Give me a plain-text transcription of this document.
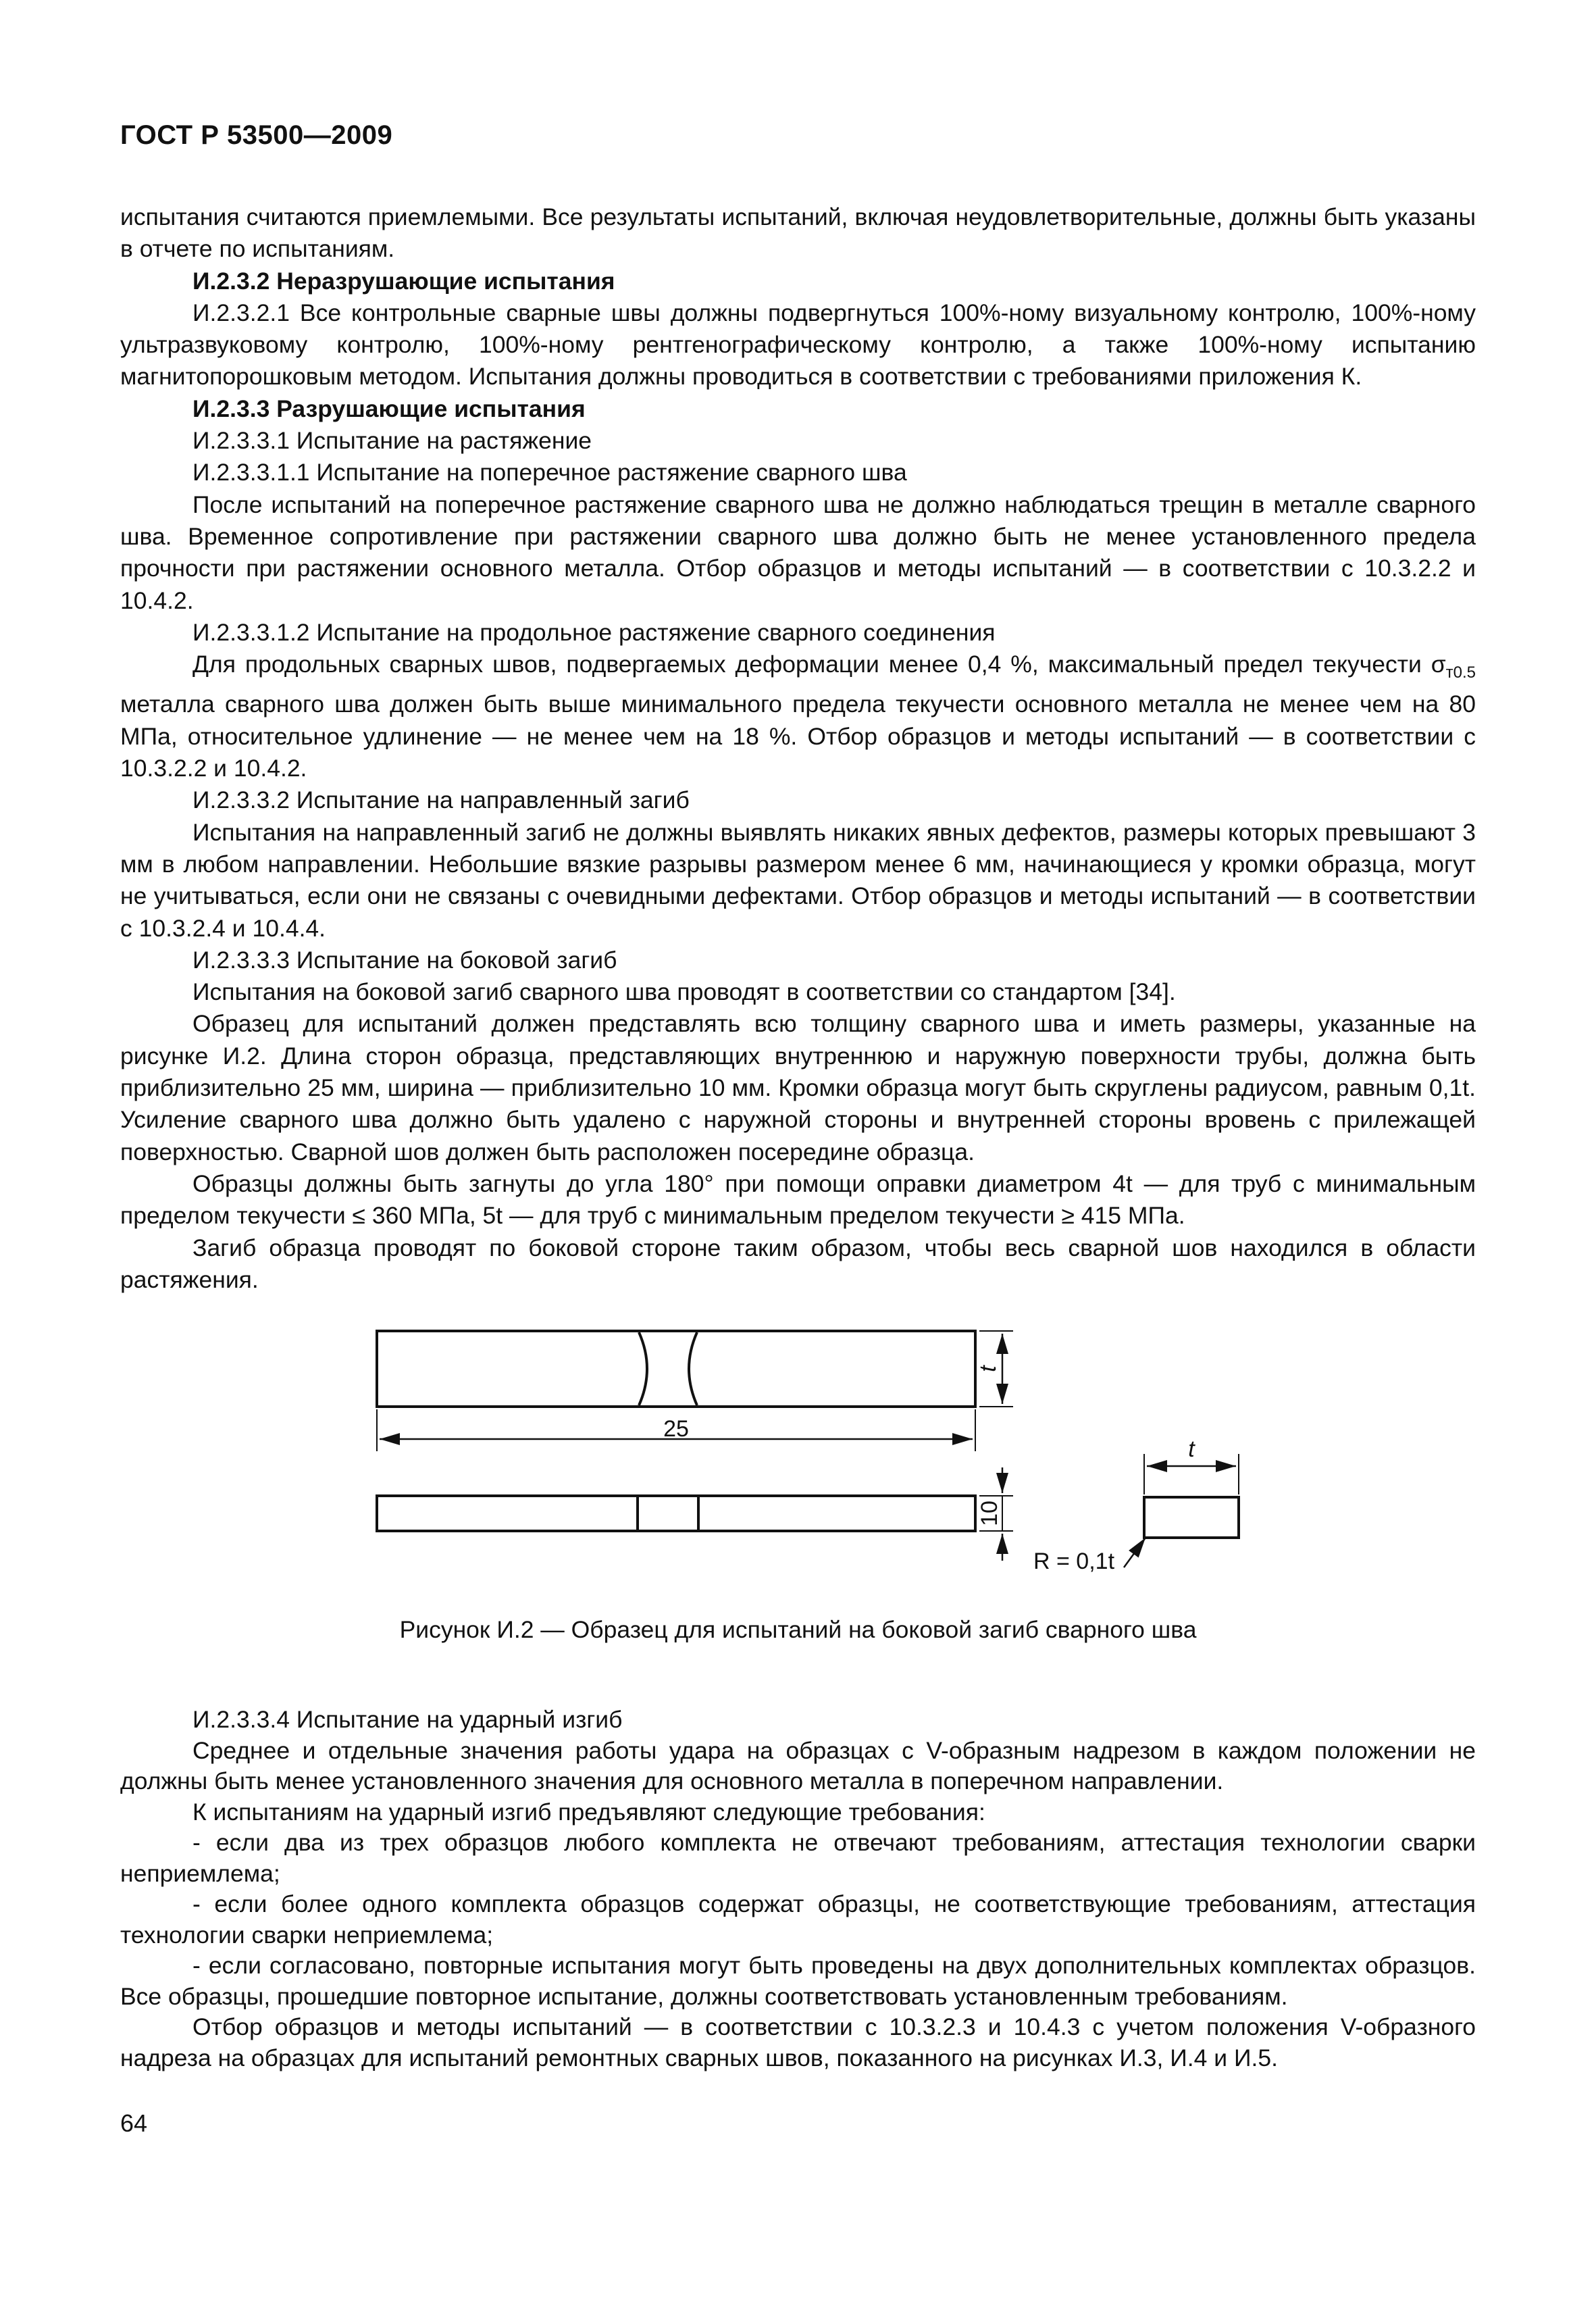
ГОСТ Р 53500—2009

испытания считаются приемлемыми. Все результаты испытаний, включая неудовлетворительные, должны быть указаны в отчете по испытаниям.

И.2.3.2 Неразрушающие испытания

И.2.3.2.1 Все контрольные сварные швы должны подвергнуться 100%-ному визуальному контролю, 100%-ному ультразвуковому контролю, 100%-ному рентгенографическому контролю, а также 100%-ному испытанию магнитопорошковым методом. Испытания должны проводиться в соответствии с требованиями приложения К.

И.2.3.3 Разрушающие испытания

И.2.3.3.1 Испытание на растяжение

И.2.3.3.1.1 Испытание на поперечное растяжение сварного шва

После испытаний на поперечное растяжение сварного шва не должно наблюдаться трещин в металле сварного шва. Временное сопротивление при растяжении сварного шва должно быть не менее установленного предела прочности при растяжении основного металла. Отбор образцов и методы испытаний — в соответствии с 10.3.2.2 и 10.4.2.

И.2.3.3.1.2 Испытание на продольное растяжение сварного соединения

Для продольных сварных швов, подвергаемых деформации менее 0,4 %, максимальный предел текучести $\sigma_{т0.5}$ металла сварного шва должен быть выше минимального предела текучести основного металла не менее чем на 80 МПа, относительное удлинение — не менее чем на 18 %. Отбор образцов и методы испытаний — в соответствии с 10.3.2.2 и 10.4.2.

И.2.3.3.2 Испытание на направленный загиб

Испытания на направленный загиб не должны выявлять никаких явных дефектов, размеры которых превышают 3 мм в любом направлении. Небольшие вязкие разрывы размером менее 6 мм, начинающиеся у кромки образца, могут не учитываться, если они не связаны с очевидными дефектами. Отбор образцов и методы испытаний — в соответствии с 10.3.2.4 и 10.4.4.

И.2.3.3.3 Испытание на боковой загиб

Испытания на боковой загиб сварного шва проводят в соответствии со стандартом [34].

Образец для испытаний должен представлять всю толщину сварного шва и иметь размеры, указанные на рисунке И.2. Длина сторон образца, представляющих внутреннюю и наружную поверхности трубы, должна быть приблизительно 25 мм, ширина — приблизительно 10 мм. Кромки образца могут быть скруглены радиусом, равным 0,1t. Усиление сварного шва должно быть удалено с наружной стороны и внутренней стороны вровень с прилежащей поверхностью. Сварной шов должен быть расположен посередине образца.

Образцы должны быть загнуты до угла 180° при помощи оправки диаметром 4t — для труб с минимальным пределом текучести ≤ 360 МПа, 5t — для труб с минимальным пределом текучести ≥ 415 МПа.

Загиб образца проводят по боковой стороне таким образом, чтобы весь сварной шов находился в области растяжения.

25
t
10
t
R = 0,1t
Рисунок И.2 — Образец для испытаний на боковой загиб сварного шва

И.2.3.3.4 Испытание на ударный изгиб

Среднее и отдельные значения работы удара на образцах с V-образным надрезом в каждом положении не должны быть менее установленного значения для основного металла в поперечном направлении.

К испытаниям на ударный изгиб предъявляют следующие требования:

- если два из трех образцов любого комплекта не отвечают требованиям, аттестация технологии сварки неприемлема;

- если более одного комплекта образцов содержат образцы, не соответствующие требованиям, аттестация технологии сварки неприемлема;

- если согласовано, повторные испытания могут быть проведены на двух дополнительных комплектах образцов. Все образцы, прошедшие повторное испытание, должны соответствовать установленным требованиям.

Отбор образцов и методы испытаний — в соответствии с 10.3.2.3 и 10.4.3 с учетом положения V-образного надреза на образцах для испытаний ремонтных сварных швов, показанного на рисунках И.3, И.4 и И.5.

64
